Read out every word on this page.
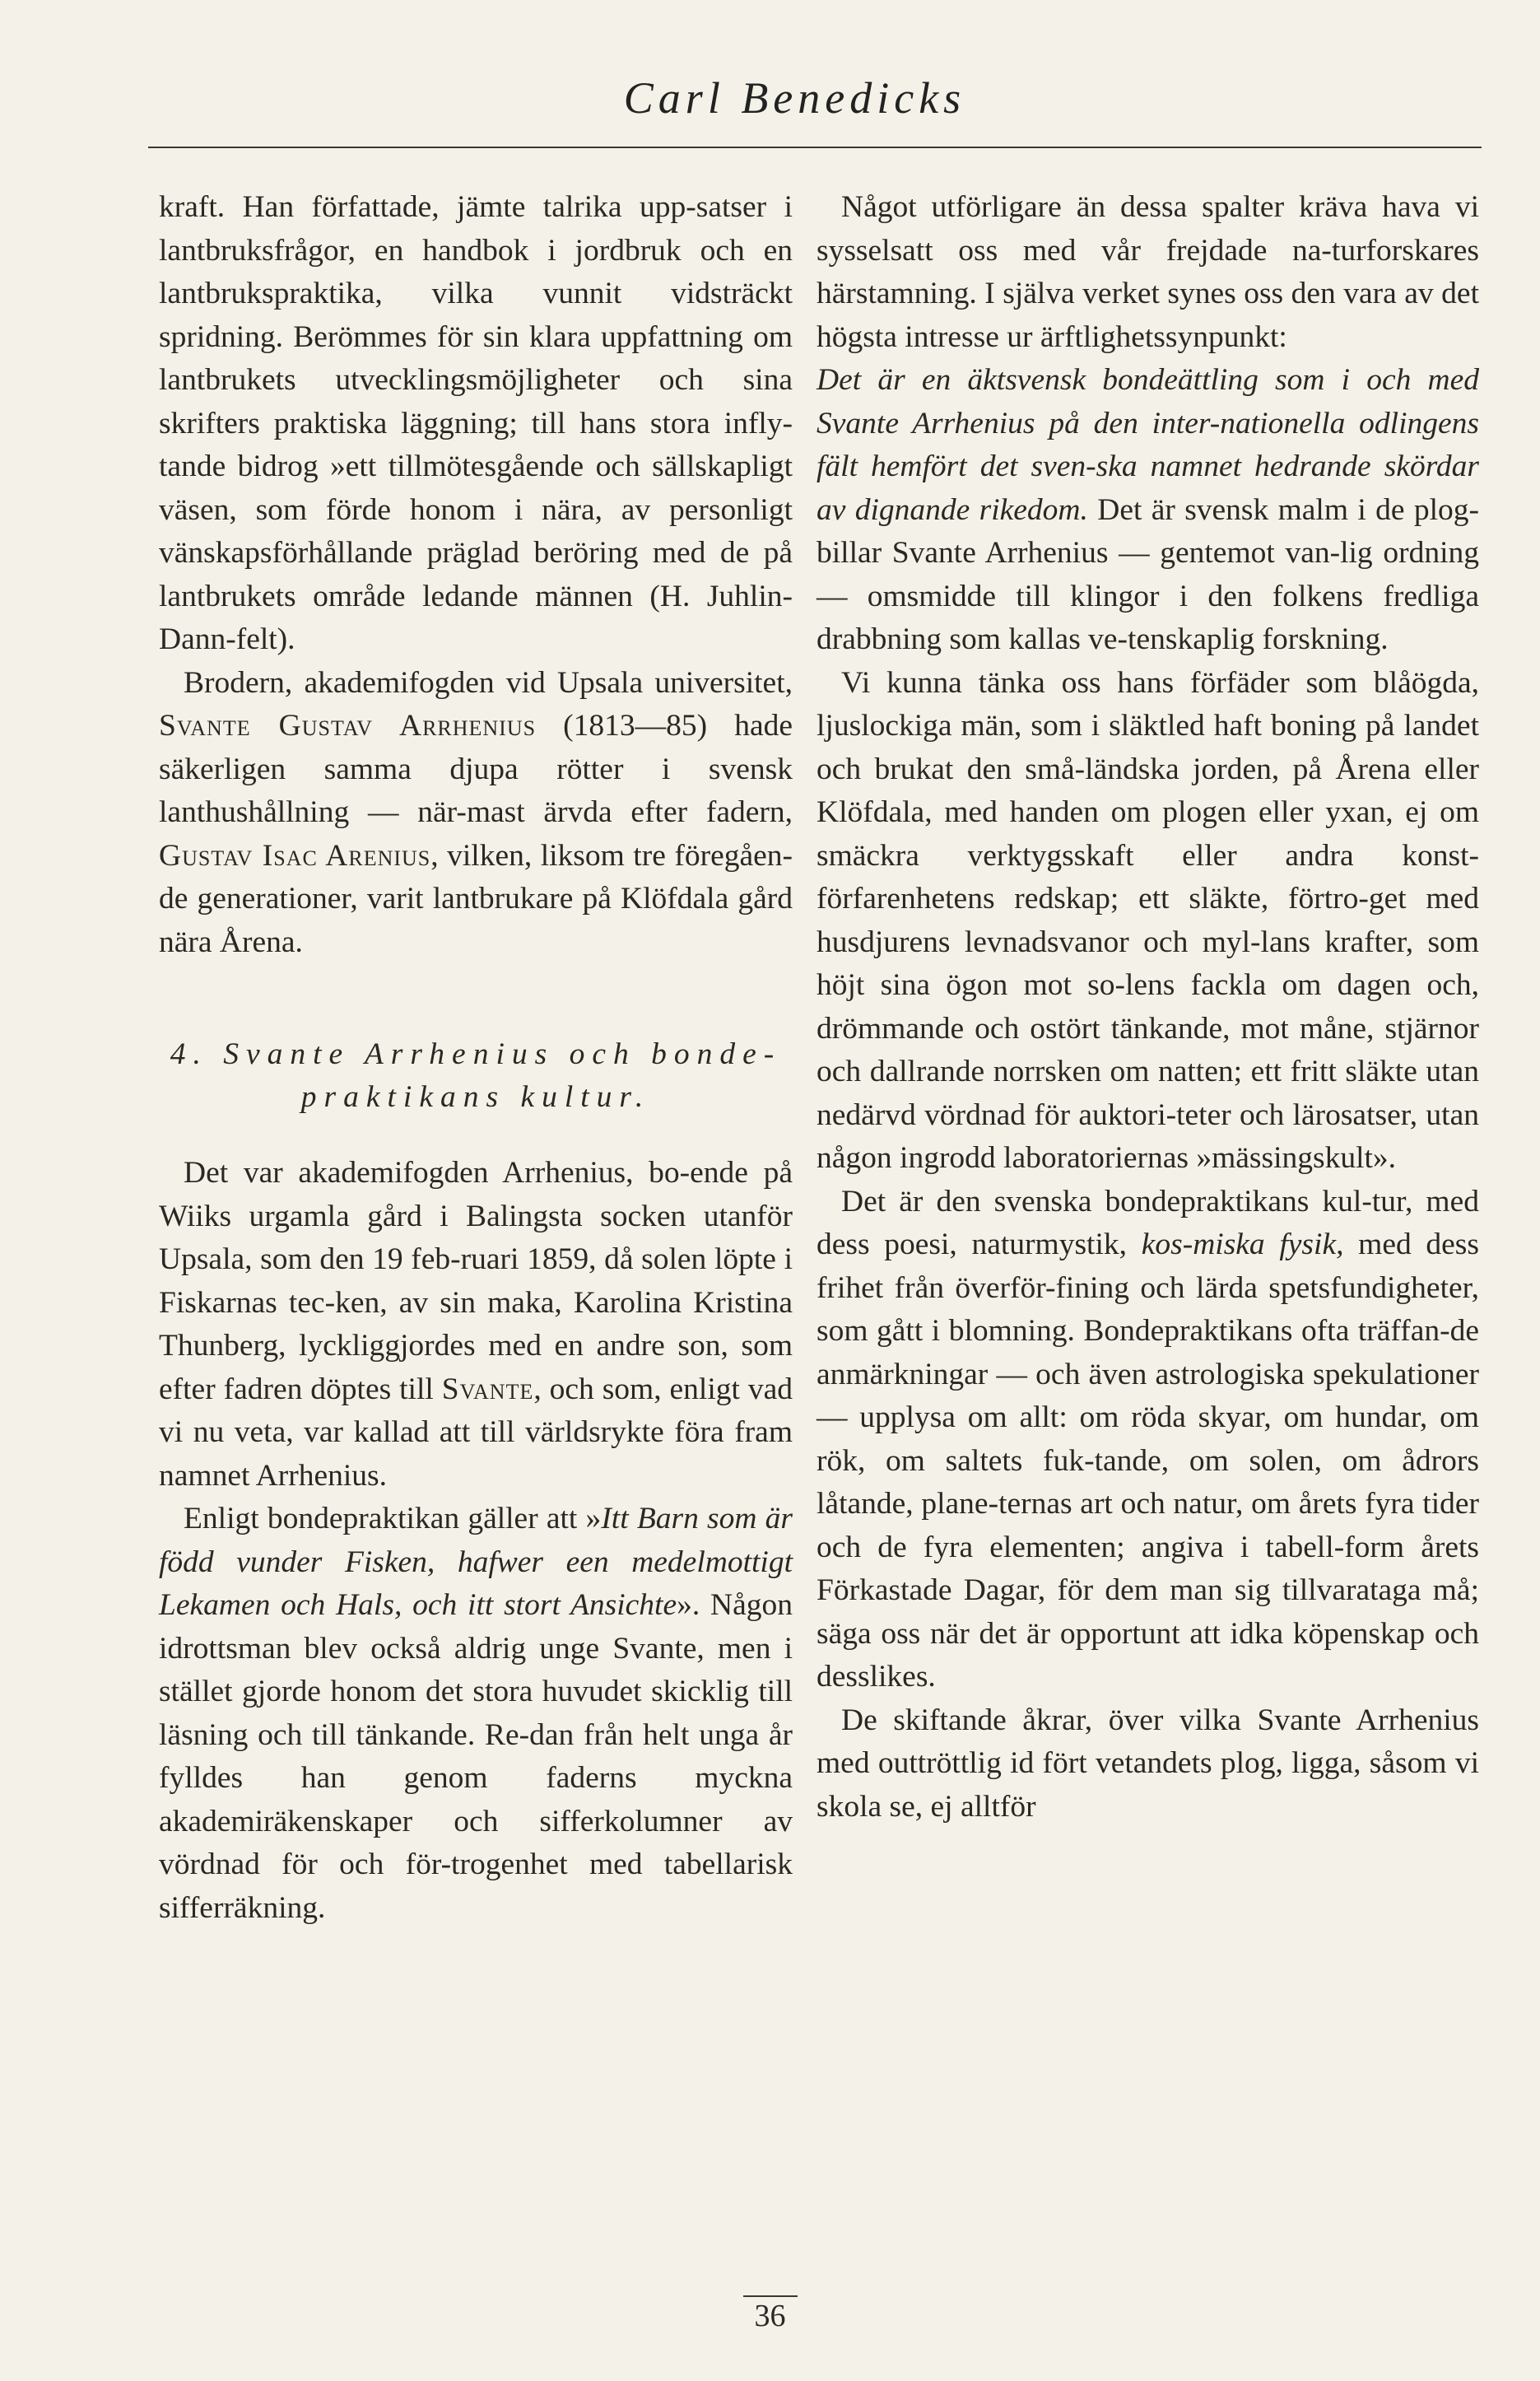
Carl Benedicks

kraft. Han författade, jämte talrika upp-satser i lantbruksfrågor, en handbok i jordbruk och en lantbrukspraktika, vilka vunnit vidsträckt spridning. Berömmes för sin klara uppfattning om lantbrukets utvecklingsmöjligheter och sina skrifters praktiska läggning; till hans stora infly-tande bidrog »ett tillmötesgående och sällskapligt väsen, som förde honom i nära, av personligt vänskapsförhållande präglad beröring med de på lantbrukets område ledande männen (H. Juhlin-Dann-felt).

Brodern, akademifogden vid Upsala universitet, Svante Gustav Arrhenius (1813—85) hade säkerligen samma djupa rötter i svensk lanthushållning — när-mast ärvda efter fadern, Gustav Isac Arenius, vilken, liksom tre föregåen-de generationer, varit lantbrukare på Klöfdala gård nära Årena.

4. Svante Arrhenius och bonde-
praktikans kultur.

Det var akademifogden Arrhenius, bo-ende på Wiiks urgamla gård i Balingsta socken utanför Upsala, som den 19 feb-ruari 1859, då solen löpte i Fiskarnas tec-ken, av sin maka, Karolina Kristina Thunberg, lyckliggjordes med en andre son, som efter fadren döptes till Svante, och som, enligt vad vi nu veta, var kallad att till världsrykte föra fram namnet Arrhenius.

Enligt bondepraktikan gäller att »Itt Barn som är född vunder Fisken, hafwer een medelmottigt Lekamen och Hals, och itt stort Ansichte». Någon idrottsman blev också aldrig unge Svante, men i stället gjorde honom det stora huvudet skicklig till läsning och till tänkande. Re-dan från helt unga år fylldes han genom faderns myckna akademiräkenskaper och sifferkolumner av vördnad för och för-trogenhet med tabellarisk sifferräkning.

Något utförligare än dessa spalter kräva hava vi sysselsatt oss med vår frejdade na-turforskares härstamning. I själva verket synes oss den vara av det högsta intresse ur ärftlighetssynpunkt:

Det är en äktsvensk bondeättling som i och med Svante Arrhenius på den inter-nationella odlingens fält hemfört det sven-ska namnet hedrande skördar av dignande rikedom. Det är svensk malm i de plog-billar Svante Arrhenius — gentemot van-lig ordning — omsmidde till klingor i den folkens fredliga drabbning som kallas ve-tenskaplig forskning.

Vi kunna tänka oss hans förfäder som blåögda, ljuslockiga män, som i släktled haft boning på landet och brukat den små-ländska jorden, på Årena eller Klöfdala, med handen om plogen eller yxan, ej om smäckra verktygsskaft eller andra konst-förfarenhetens redskap; ett släkte, förtro-get med husdjurens levnadsvanor och myl-lans krafter, som höjt sina ögon mot so-lens fackla om dagen och, drömmande och ostört tänkande, mot måne, stjärnor och dallrande norrsken om natten; ett fritt släkte utan nedärvd vördnad för auktori-teter och lärosatser, utan någon ingrodd laboratoriernas »mässingskult».

Det är den svenska bondepraktikans kul-tur, med dess poesi, naturmystik, kos-miska fysik, med dess frihet från överför-fining och lärda spetsfundigheter, som gått i blomning. Bondepraktikans ofta träffan-de anmärkningar — och även astrologiska spekulationer — upplysa om allt: om röda skyar, om hundar, om rök, om saltets fuk-tande, om solen, om ådrors låtande, plane-ternas art och natur, om årets fyra tider och de fyra elementen; angiva i tabell-form årets Förkastade Dagar, för dem man sig tillvaratagа må; säga oss när det är opportunt att idka köpenskap och desslikes.

De skiftande åkrar, över vilka Svante Arrhenius med outtröttlig id fört vetandets plog, ligga, såsom vi skola se, ej alltför

36
